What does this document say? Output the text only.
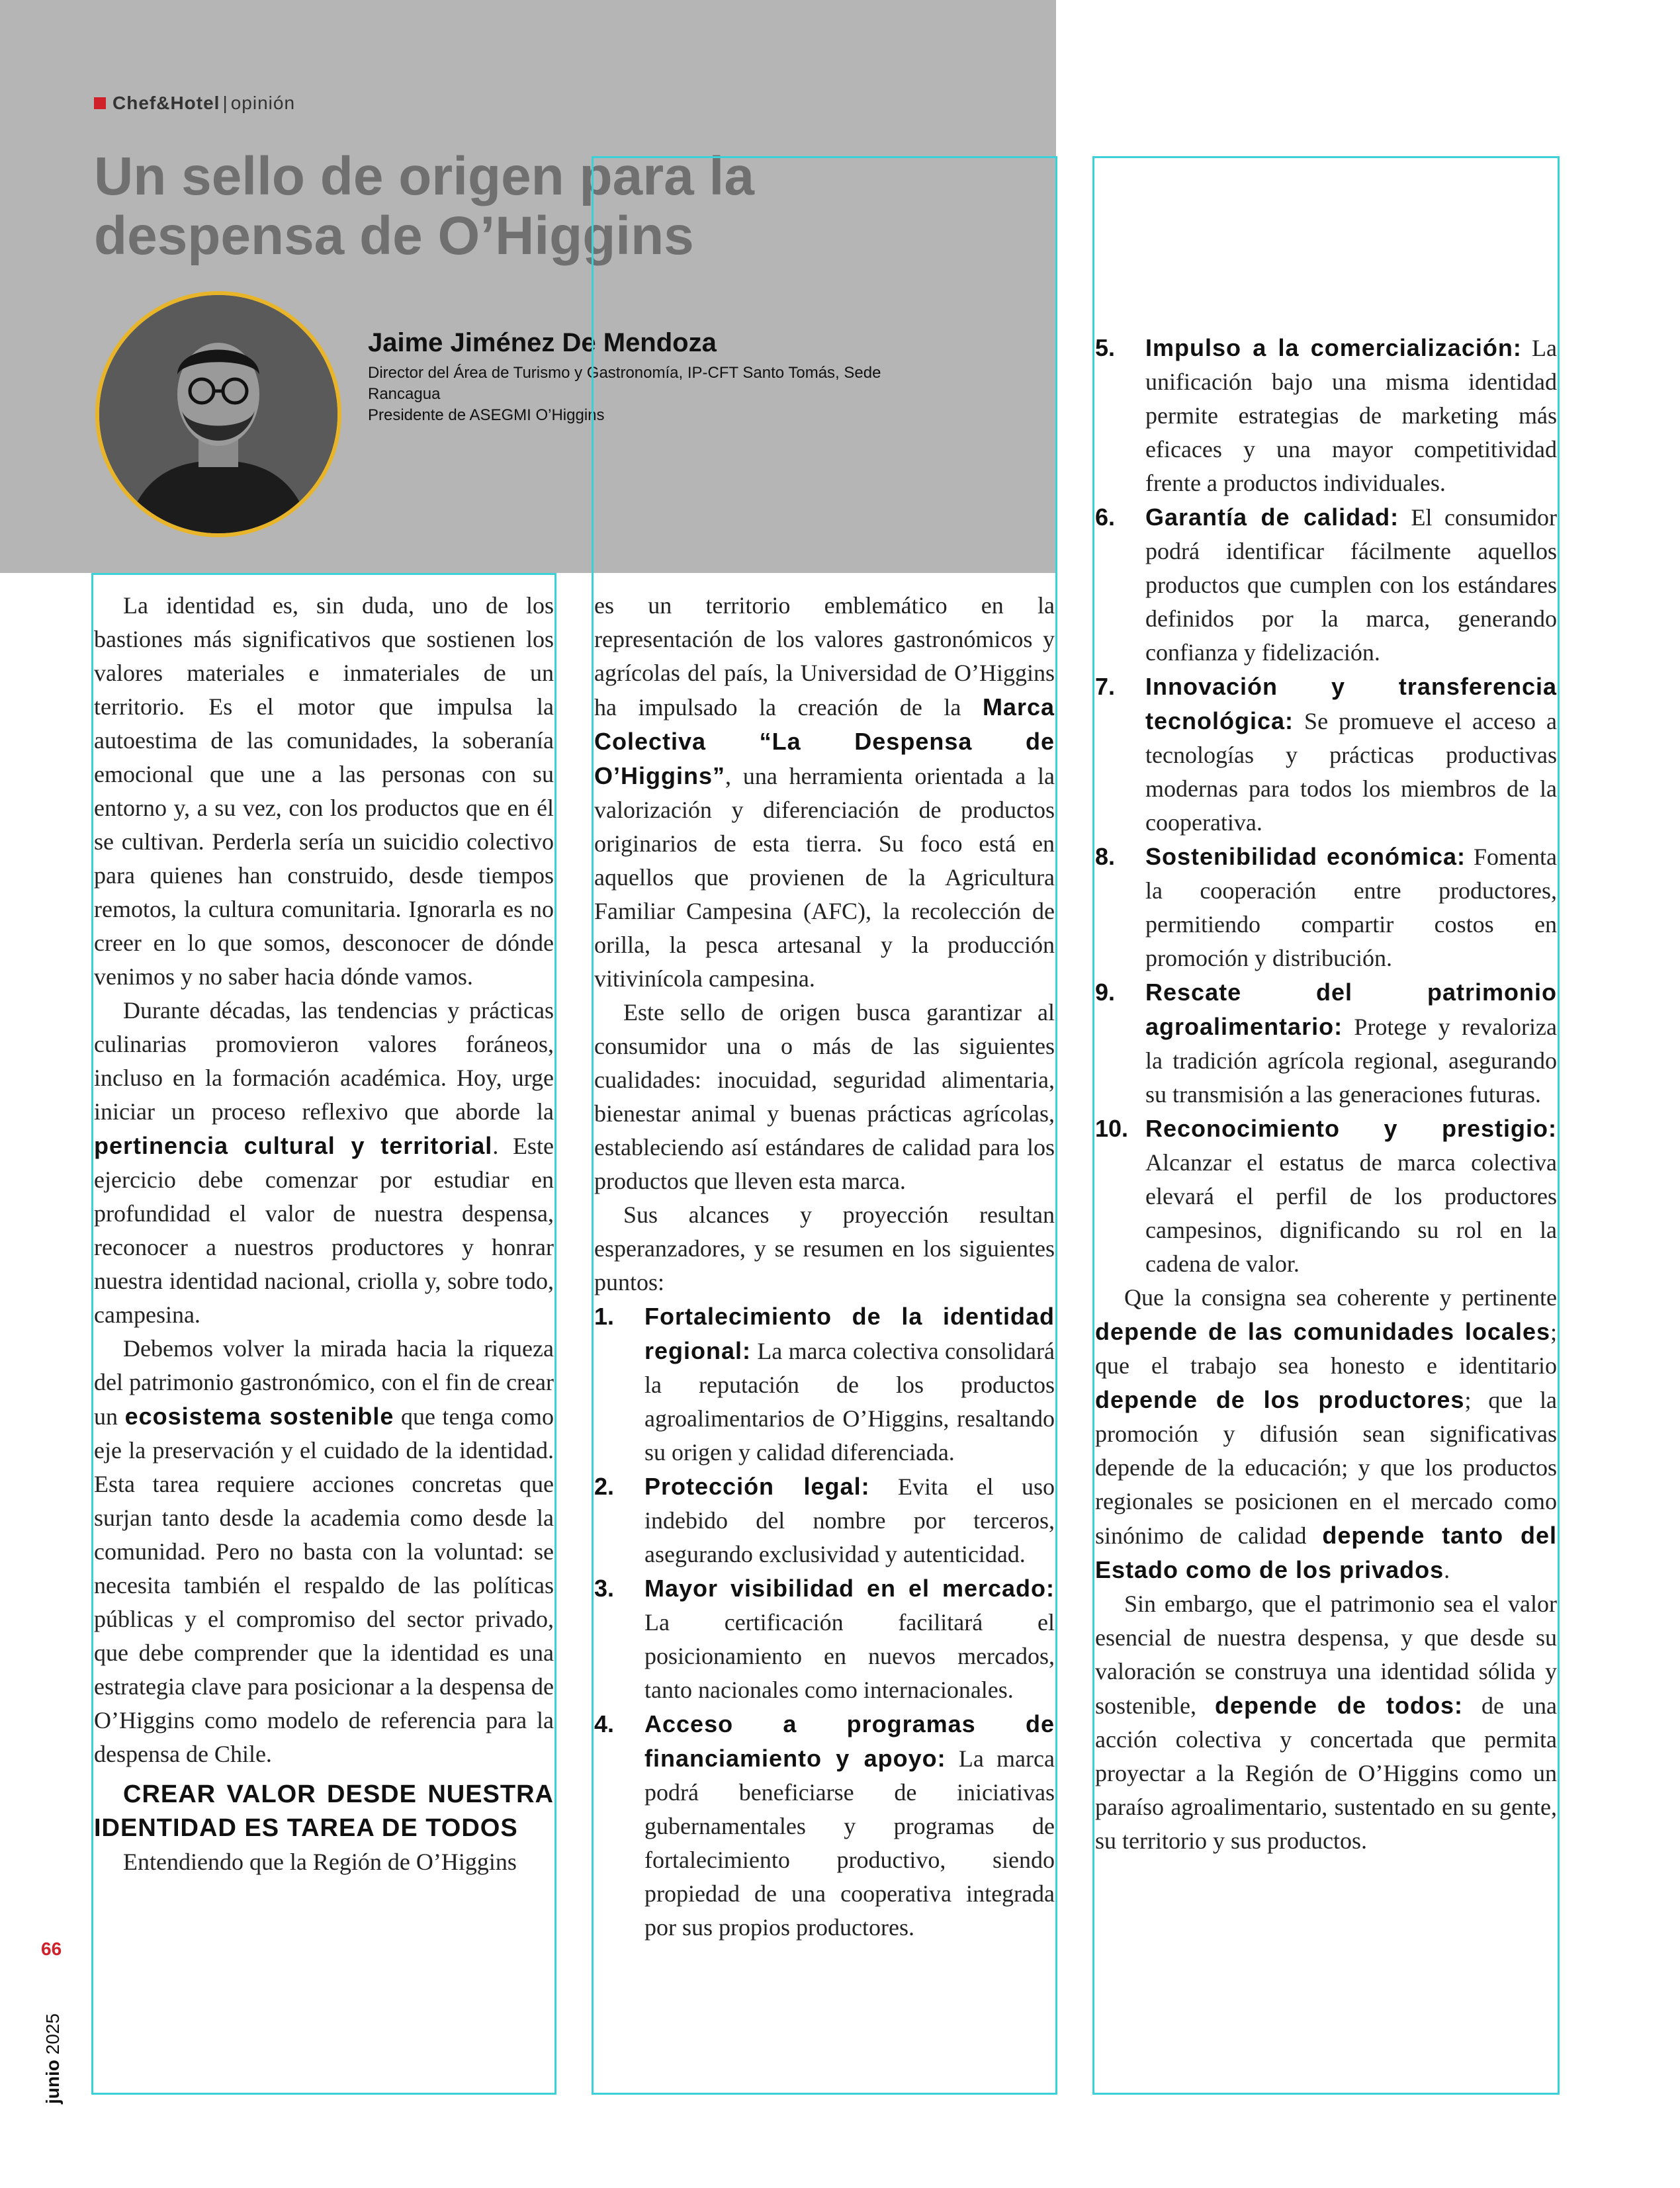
Chef&Hotel | opinión
Un sello de origen para la despensa de O’Higgins
Jaime Jiménez De Mendoza
Director del Área de Turismo y Gastronomía, IP-CFT Santo Tomás, Sede Rancagua
Presidente de ASEGMI O’Higgins

La identidad es, sin duda, uno de los bastiones más significativos que sostienen los valores materiales e inmateriales de un territorio. Es el motor que impulsa la autoestima de las comunidades, la soberanía emocional que une a las personas con su entorno y, a su vez, con los productos que en él se cultivan. Perderla sería un suicidio colectivo para quienes han construido, desde tiempos remotos, la cultura comunitaria. Ignorarla es no creer en lo que somos, desconocer de dónde venimos y no saber hacia dónde vamos.

Durante décadas, las tendencias y prácticas culinarias promovieron valores foráneos, incluso en la formación académica. Hoy, urge iniciar un proceso reflexivo que aborde la pertinencia cultural y territorial. Este ejercicio debe comenzar por estudiar en profundidad el valor de nuestra despensa, reconocer a nuestros productores y honrar nuestra identidad nacional, criolla y, sobre todo, campesina.

Debemos volver la mirada hacia la riqueza del patrimonio gastronómico, con el fin de crear un ecosistema sostenible que tenga como eje la preservación y el cuidado de la identidad. Esta tarea requiere acciones concretas que surjan tanto desde la academia como desde la comunidad. Pero no basta con la voluntad: se necesita también el respaldo de las políticas públicas y el compromiso del sector privado, que debe comprender que la identidad es una estrategia clave para posicionar a la despensa de O’Higgins como modelo de referencia para la despensa de Chile.

CREAR VALOR DESDE NUESTRA IDENTIDAD ES TAREA DE TODOS

Entendiendo que la Región de O’Higgins

es un territorio emblemático en la representación de los valores gastronómicos y agrícolas del país, la Universidad de O’Higgins ha impulsado la creación de la Marca Colectiva “La Despensa de O’Higgins”, una herramienta orientada a la valorización y diferenciación de productos originarios de esta tierra. Su foco está en aquellos que provienen de la Agricultura Familiar Campesina (AFC), la recolección de orilla, la pesca artesanal y la producción vitivinícola campesina.

Este sello de origen busca garantizar al consumidor una o más de las siguientes cualidades: inocuidad, seguridad alimentaria, bienestar animal y buenas prácticas agrícolas, estableciendo así estándares de calidad para los productos que lleven esta marca.

Sus alcances y proyección resultan esperanzadores, y se resumen en los siguientes puntos:

1. Fortalecimiento de la identidad regional: La marca colectiva consolidará la reputación de los productos agroalimentarios de O’Higgins, resaltando su origen y calidad diferenciada.
2. Protección legal: Evita el uso indebido del nombre por terceros, asegurando exclusividad y autenticidad.
3. Mayor visibilidad en el mercado: La certificación facilitará el posicionamiento en nuevos mercados, tanto nacionales como internacionales.
4. Acceso a programas de financiamiento y apoyo: La marca podrá beneficiarse de iniciativas gubernamentales y programas de fortalecimiento productivo, siendo propiedad de una cooperativa integrada por sus propios productores.
5. Impulso a la comercialización: La unificación bajo una misma identidad permite estrategias de marketing más eficaces y una mayor competitividad frente a productos individuales.
6. Garantía de calidad: El consumidor podrá identificar fácilmente aquellos productos que cumplen con los estándares definidos por la marca, generando confianza y fidelización.
7. Innovación y transferencia tecnológica: Se promueve el acceso a tecnologías y prácticas productivas modernas para todos los miembros de la cooperativa.
8. Sostenibilidad económica: Fomenta la cooperación entre productores, permitiendo compartir costos en promoción y distribución.
9. Rescate del patrimonio agroalimentario: Protege y revaloriza la tradición agrícola regional, asegurando su transmisión a las generaciones futuras.
10. Reconocimiento y prestigio: Alcanzar el estatus de marca colectiva elevará el perfil de los productores campesinos, dignificando su rol en la cadena de valor.

Que la consigna sea coherente y pertinente depende de las comunidades locales; que el trabajo sea honesto e identitario depende de los productores; que la promoción y difusión sean significativas depende de la educación; y que los productos regionales se posicionen en el mercado como sinónimo de calidad depende tanto del Estado como de los privados.

Sin embargo, que el patrimonio sea el valor esencial de nuestra despensa, y que desde su valoración se construya una identidad sólida y sostenible, depende de todos: de una acción colectiva y concertada que permita proyectar a la Región de O’Higgins como un paraíso agroalimentario, sustentado en su gente, su territorio y sus productos.

66
junio 2025
